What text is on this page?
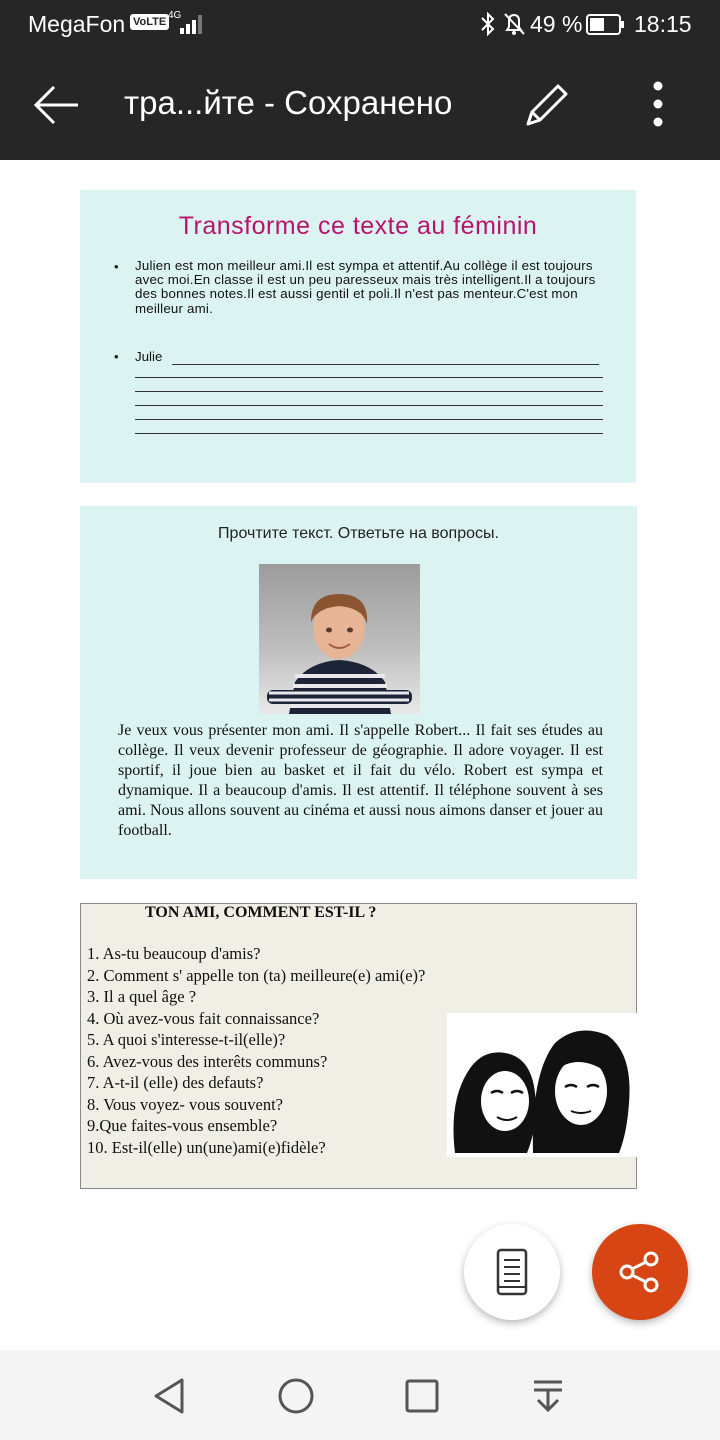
MegaFon VoLTE
4G	49 % 18:15
тра...йте - Сохранено
Transforme ce texte au féminin
• Julien est mon meilleur ami.Il est sympa et attentif.Au collège il est toujours avec moi.En classe il est un peu paresseux mais très intelligent.Il a toujours des bonnes notes.Il est aussi gentil et poli.Il n'est pas menteur.C'est mon meilleur ami.
• Julie
Прочтите текст. Ответьте на вопросы.
Je veux vous présenter mon ami. Il s'appelle Robert... Il fait ses études au collège. Il veux devenir professeur de géographie. Il adore voyager. Il est sportif, il joue bien au basket et il fait du vélo. Robert est sympa et dynamique. Il a beaucoup d'amis. Il est attentif. Il téléphone souvent à ses ami. Nous allons souvent au cinéma et aussi nous aimons danser et jouer au football.
TON AMI, COMMENT EST-IL ?
1. As-tu beaucoup d'amis?
2. Comment s' appelle ton (ta) meilleure(e) ami(e)?
3. Il a quel âge ?
4. Où avez-vous fait connaissance?
5. A quoi s'interesse-t-il(elle)?
6. Avez-vous des interêts communs?
7. A-t-il (elle) des defauts?
8. Vous voyez- vous souvent?
9.Que faites-vous ensemble?
10. Est-il(elle) un(une)ami(e)fidèle?
